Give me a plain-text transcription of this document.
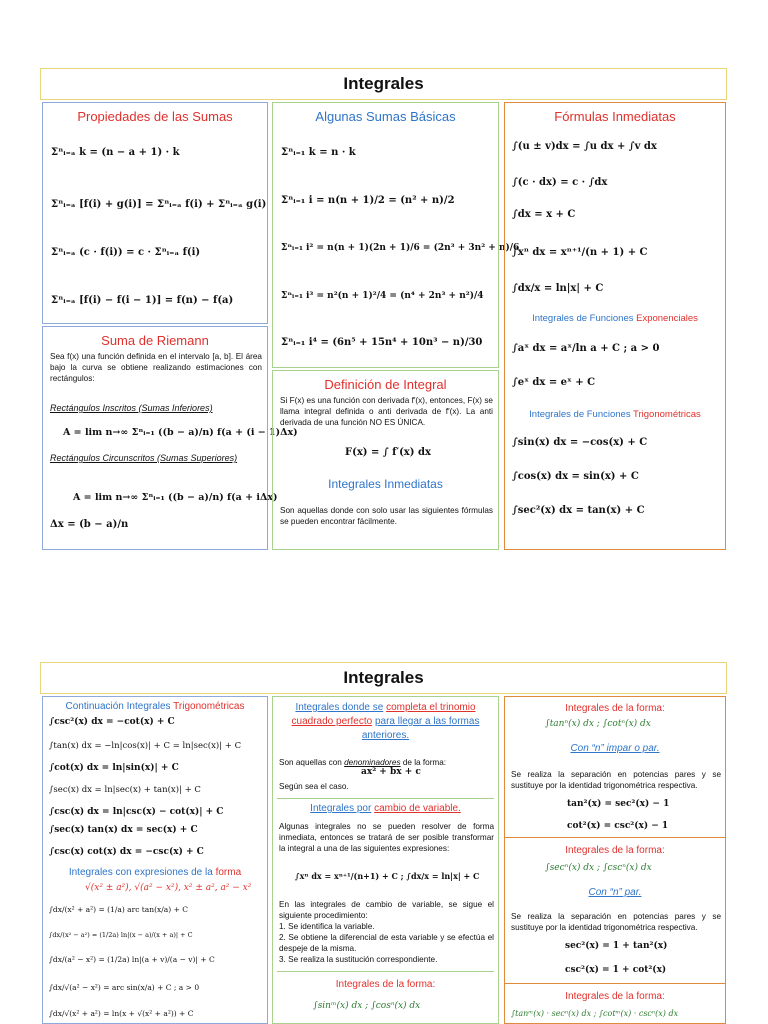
Integrales
Propiedades de las Sumas
Σⁿᵢ₌ₐ k = (n − a + 1) · k
Σⁿᵢ₌ₐ [f(i) + g(i)] = Σⁿᵢ₌ₐ f(i) + Σⁿᵢ₌ₐ g(i)
Σⁿᵢ₌ₐ (c · f(i)) = c · Σⁿᵢ₌ₐ f(i)
Σⁿᵢ₌ₐ [f(i) − f(i − 1)] = f(n) − f(a)
Suma de Riemann
Sea f(x) una función definida en el intervalo [a, b]. El área bajo la curva se obtiene realizando estimaciones con rectángulos:
Rectángulos Inscritos (Sumas Inferiores)
A = lim n→∞ Σⁿᵢ₌₁ ((b − a)/n) f(a + (i − 1)Δx)
Rectángulos Circunscritos (Sumas Superiores)
A = lim n→∞ Σⁿᵢ₌₁ ((b − a)/n) f(a + iΔx)
Δx = (b − a)/n
Algunas Sumas Básicas
Σⁿᵢ₌₁ k = n · k
Σⁿᵢ₌₁ i = n(n + 1)/2 = (n² + n)/2
Σⁿᵢ₌₁ i² = n(n + 1)(2n + 1)/6 = (2n³ + 3n² + n)/6
Σⁿᵢ₌₁ i³ = n²(n + 1)²/4 = (n⁴ + 2n³ + n²)/4
Σⁿᵢ₌₁ i⁴ = (6n⁵ + 15n⁴ + 10n³ − n)/30
Definición de Integral
Si F(x) es una función con derivada f′(x), entonces, F(x) se llama integral definida o anti derivada de f′(x). La anti derivada de una función NO ES ÚNICA.
F(x) = ∫ f′(x) dx
Integrales Inmediatas
Son aquellas donde con solo usar las siguientes fórmulas se pueden encontrar fácilmente.
Fórmulas Inmediatas
∫(u ± v)dx = ∫u dx + ∫v dx
∫(c · dx) = c · ∫dx
∫dx = x + C
∫xⁿ dx = xⁿ⁺¹/(n + 1) + C
∫dx/x = ln|x| + C
Integrales de Funciones Exponenciales
∫aˣ dx = aˣ/ln a + C ; a > 0
∫eˣ dx = eˣ + C
Integrales de Funciones Trigonométricas
∫sin(x) dx = −cos(x) + C
∫cos(x) dx = sin(x) + C
∫sec²(x) dx = tan(x) + C
Integrales
Continuación Integrales Trigonométricas
∫csc²(x) dx = −cot(x) + C
∫tan(x) dx = −ln|cos(x)| + C = ln|sec(x)| + C
∫cot(x) dx = ln|sin(x)| + C
∫sec(x) dx = ln|sec(x) + tan(x)| + C
∫csc(x) dx = ln|csc(x) − cot(x)| + C
∫sec(x) tan(x) dx = sec(x) + C
∫csc(x) cot(x) dx = −csc(x) + C
Integrales con expresiones de la forma
√(x² ± a²), √(a² − x²), x² ± a², a² − x²
∫dx/(x² + a²) = (1/a) arc tan(x/a) + C
∫dx/(x² − a²) = (1/2a) ln|(x − a)/(x + a)| + C
∫dx/(a² − x²) = (1/2a) ln|(a + v)/(a − v)| + C
∫dx/√(a² − x²) = arc sin(x/a) + C ; a > 0
∫dx/√(x² + a²) = ln(x + √(x² + a²)) + C
Integrales donde se completa el trinomio cuadrado perfecto para llegar a las formas anteriores.
Son aquellas con denominadores de la forma:
ax² + bx + c
Según sea el caso.
Integrales por cambio de variable.
Algunas integrales no se pueden resolver de forma inmediata, entonces se tratará de ser posible transformar la integral a una de las siguientes expresiones:
∫xⁿ dx = xⁿ⁺¹/(n+1) + C ; ∫dx/x = ln|x| + C
En las integrales de cambio de variable, se sigue el siguiente procedimiento:
1. Se identifica la variable.
2. Se obtiene la diferencial de esta variable y se efectúa el despeje de la misma.
3. Se realiza la sustitución correspondiente.
Integrales de la forma:
∫sinᵐ(x) dx ; ∫cosⁿ(x) dx
Integrales de la forma:
∫tanⁿ(x) dx ; ∫cotⁿ(x) dx
Con “n” impar o par.
Se realiza la separación en potencias pares y se sustituye por la identidad trigonométrica respectiva.
tan²(x) = sec²(x) − 1
cot²(x) = csc²(x) − 1
Integrales de la forma:
∫secⁿ(x) dx ; ∫cscⁿ(x) dx
Con “n” par.
Se realiza la separación en potencias pares y se sustituye por la identidad trigonométrica respectiva.
sec²(x) = 1 + tan²(x)
csc²(x) = 1 + cot²(x)
Integrales de la forma:
∫tanᵐ(x) · secⁿ(x) dx ; ∫cotᵐ(x) · cscⁿ(x) dx
